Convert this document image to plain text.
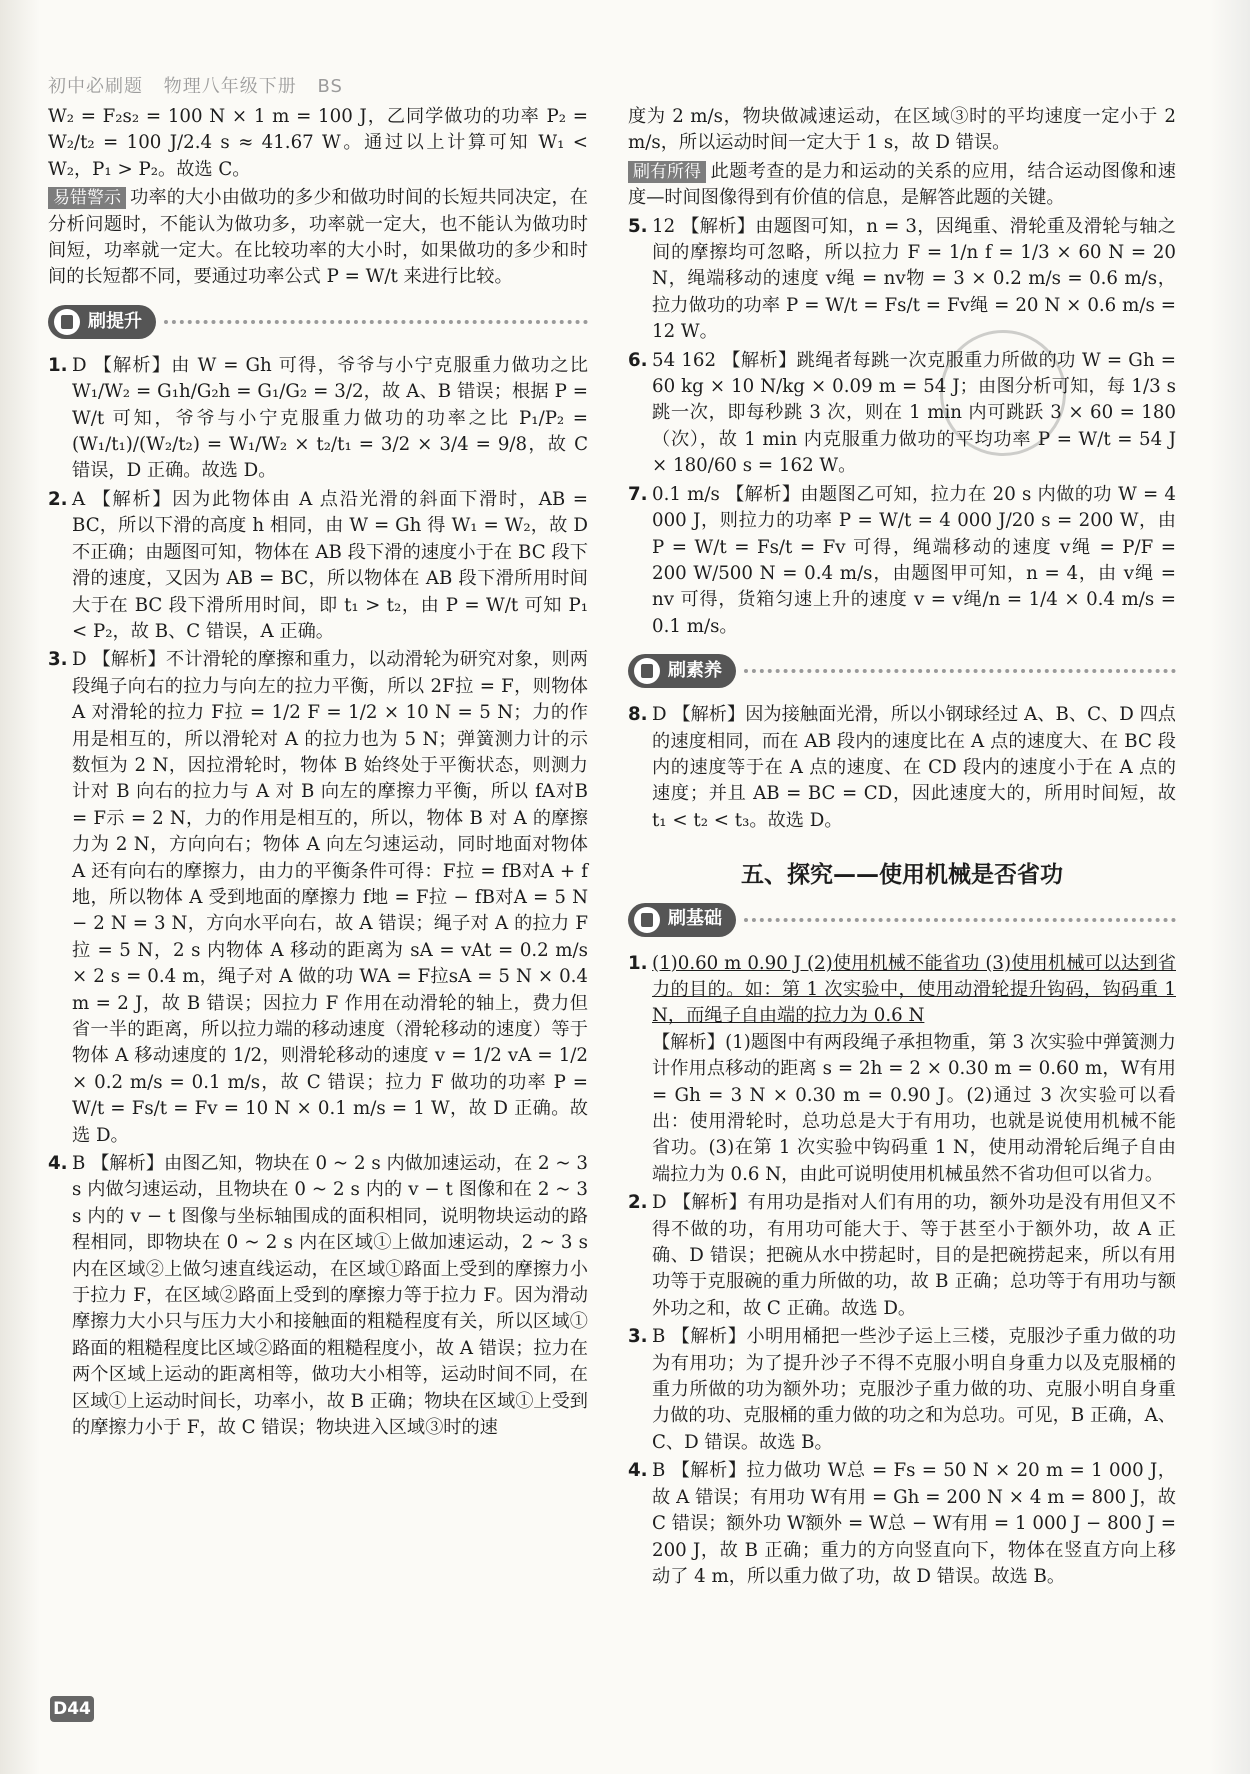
初中必刷题 物理八年级下册 BS

W₂ = F₂s₂ = 100 N × 1 m = 100 J，乙同学做功的功率 P₂ = W₂/t₂ = 100 J/2.4 s ≈ 41.67 W。通过以上计算可知 W₁ < W₂，P₁ > P₂。故选 C。

易错警示 功率的大小由做功的多少和做功时间的长短共同决定，在分析问题时，不能认为做功多，功率就一定大，也不能认为做功时间短，功率就一定大。在比较功率的大小时，如果做功的多少和时间的长短都不同，要通过功率公式 P = W/t 来进行比较。

刷提升

1. D 【解析】由 W = Gh 可得，爷爷与小宁克服重力做功之比 W₁/W₂ = G₁h/G₂h = G₁/G₂ = 3/2，故 A、B 错误；根据 P = W/t 可知，爷爷与小宁克服重力做功的功率之比 P₁/P₂ = (W₁/t₁)/(W₂/t₂) = W₁/W₂ × t₂/t₁ = 3/2 × 3/4 = 9/8，故 C 错误，D 正确。故选 D。

2. A 【解析】因为此物体由 A 点沿光滑的斜面下滑时，AB = BC，所以下滑的高度 h 相同，由 W = Gh 得 W₁ = W₂，故 D 不正确；由题图可知，物体在 AB 段下滑的速度小于在 BC 段下滑的速度，又因为 AB = BC，所以物体在 AB 段下滑所用时间大于在 BC 段下滑所用时间，即 t₁ > t₂，由 P = W/t 可知 P₁ < P₂，故 B、C 错误，A 正确。

3. D 【解析】不计滑轮的摩擦和重力，以动滑轮为研究对象，则两段绳子向右的拉力与向左的拉力平衡，所以 2F拉 = F，则物体 A 对滑轮的拉力 F拉 = 1/2 F = 1/2 × 10 N = 5 N；力的作用是相互的，所以滑轮对 A 的拉力也为 5 N；弹簧测力计的示数恒为 2 N，因拉滑轮时，物体 B 始终处于平衡状态，则测力计对 B 向右的拉力与 A 对 B 向左的摩擦力平衡，所以 fA对B = F示 = 2 N，力的作用是相互的，所以，物体 B 对 A 的摩擦力为 2 N，方向向右；物体 A 向左匀速运动，同时地面对物体 A 还有向右的摩擦力，由力的平衡条件可得：F拉 = fB对A + f地，所以物体 A 受到地面的摩擦力 f地 = F拉 − fB对A = 5 N − 2 N = 3 N，方向水平向右，故 A 错误；绳子对 A 的拉力 F拉 = 5 N，2 s 内物体 A 移动的距离为 sA = vAt = 0.2 m/s × 2 s = 0.4 m，绳子对 A 做的功 WA = F拉sA = 5 N × 0.4 m = 2 J，故 B 错误；因拉力 F 作用在动滑轮的轴上，费力但省一半的距离，所以拉力端的移动速度（滑轮移动的速度）等于物体 A 移动速度的 1/2，则滑轮移动的速度 v = 1/2 vA = 1/2 × 0.2 m/s = 0.1 m/s，故 C 错误；拉力 F 做功的功率 P = W/t = Fs/t = Fv = 10 N × 0.1 m/s = 1 W，故 D 正确。故选 D。

4. B 【解析】由图乙知，物块在 0 ~ 2 s 内做加速运动，在 2 ~ 3 s 内做匀速运动，且物块在 0 ~ 2 s 内的 v − t 图像和在 2 ~ 3 s 内的 v − t 图像与坐标轴围成的面积相同，说明物块运动的路程相同，即物块在 0 ~ 2 s 内在区域①上做加速运动，2 ~ 3 s 内在区域②上做匀速直线运动，在区域①路面上受到的摩擦力小于拉力 F，在区域②路面上受到的摩擦力等于拉力 F。因为滑动摩擦力大小只与压力大小和接触面的粗糙程度有关，所以区域①路面的粗糙程度比区域②路面的粗糙程度小，故 A 错误；拉力在两个区域上运动的距离相等，做功大小相等，运动时间不同，在区域①上运动时间长，功率小，故 B 正确；物块在区域①上受到的摩擦力小于 F，故 C 错误；物块进入区域③时的速

度为 2 m/s，物块做减速运动，在区域③时的平均速度一定小于 2 m/s，所以运动时间一定大于 1 s，故 D 错误。

刷有所得 此题考查的是力和运动的关系的应用，结合运动图像和速度—时间图像得到有价值的信息，是解答此题的关键。

5. 12 【解析】由题图可知，n = 3，因绳重、滑轮重及滑轮与轴之间的摩擦均可忽略，所以拉力 F = 1/n f = 1/3 × 60 N = 20 N，绳端移动的速度 v绳 = nv物 = 3 × 0.2 m/s = 0.6 m/s，拉力做功的功率 P = W/t = Fs/t = Fv绳 = 20 N × 0.6 m/s = 12 W。

6. 54 162 【解析】跳绳者每跳一次克服重力所做的功 W = Gh = 60 kg × 10 N/kg × 0.09 m = 54 J；由图分析可知，每 1/3 s 跳一次，即每秒跳 3 次，则在 1 min 内可跳跃 3 × 60 = 180（次），故 1 min 内克服重力做功的平均功率 P = W/t = 54 J × 180/60 s = 162 W。

7. 0.1 m/s 【解析】由题图乙可知，拉力在 20 s 内做的功 W = 4 000 J，则拉力的功率 P = W/t = 4 000 J/20 s = 200 W，由 P = W/t = Fs/t = Fv 可得，绳端移动的速度 v绳 = P/F = 200 W/500 N = 0.4 m/s，由题图甲可知，n = 4，由 v绳 = nv 可得，货箱匀速上升的速度 v = v绳/n = 1/4 × 0.4 m/s = 0.1 m/s。

刷素养

8. D 【解析】因为接触面光滑，所以小钢球经过 A、B、C、D 四点的速度相同，而在 AB 段内的速度比在 A 点的速度大、在 BC 段内的速度等于在 A 点的速度、在 CD 段内的速度小于在 A 点的速度；并且 AB = BC = CD，因此速度大的，所用时间短，故 t₁ < t₂ < t₃。故选 D。

五、探究——使用机械是否省功
刷基础

1. (1)0.60 m 0.90 J (2)使用机械不能省功 (3)使用机械可以达到省力的目的。如：第 1 次实验中，使用动滑轮提升钩码，钩码重 1 N，而绳子自由端的拉力为 0.6 N
【解析】(1)题图中有两段绳子承担物重，第 3 次实验中弹簧测力计作用点移动的距离 s = 2h = 2 × 0.30 m = 0.60 m，W有用 = Gh = 3 N × 0.30 m = 0.90 J。(2)通过 3 次实验可以看出：使用滑轮时，总功总是大于有用功，也就是说使用机械不能省功。(3)在第 1 次实验中钩码重 1 N，使用动滑轮后绳子自由端拉力为 0.6 N，由此可说明使用机械虽然不省功但可以省力。

2. D 【解析】有用功是指对人们有用的功，额外功是没有用但又不得不做的功，有用功可能大于、等于甚至小于额外功，故 A 正确、D 错误；把碗从水中捞起时，目的是把碗捞起来，所以有用功等于克服碗的重力所做的功，故 B 正确；总功等于有用功与额外功之和，故 C 正确。故选 D。

3. B 【解析】小明用桶把一些沙子运上三楼，克服沙子重力做的功为有用功；为了提升沙子不得不克服小明自身重力以及克服桶的重力所做的功为额外功；克服沙子重力做的功、克服小明自身重力做的功、克服桶的重力做的功之和为总功。可见，B 正确，A、C、D 错误。故选 B。

4. B 【解析】拉力做功 W总 = Fs = 50 N × 20 m = 1 000 J，故 A 错误；有用功 W有用 = Gh = 200 N × 4 m = 800 J，故 C 错误；额外功 W额外 = W总 − W有用 = 1 000 J − 800 J = 200 J，故 B 正确；重力的方向竖直向下，物体在竖直方向上移动了 4 m，所以重力做了功，故 D 错误。故选 B。

D44
